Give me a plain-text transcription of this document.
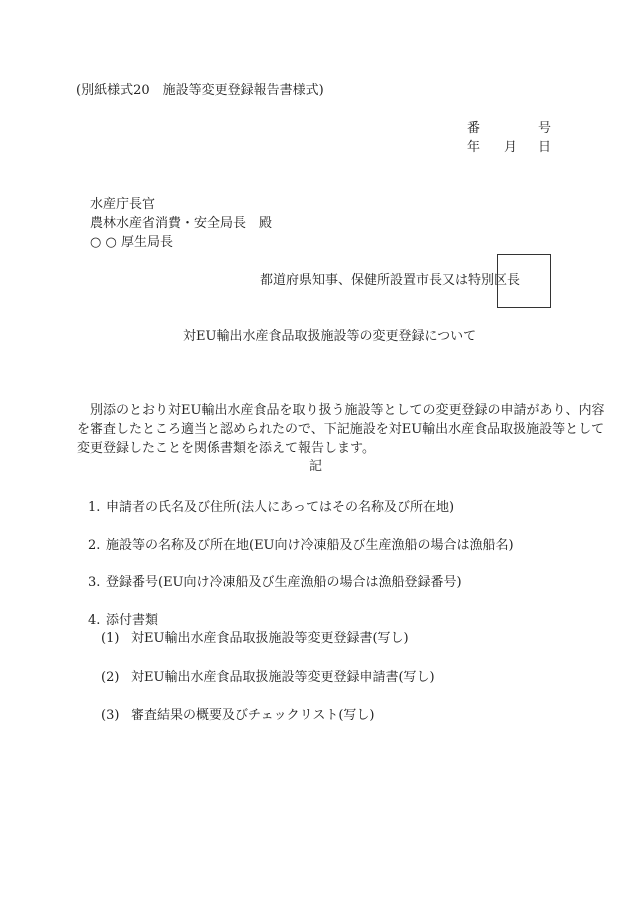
(別紙様式20　施設等変更登録報告書様式)
番	号
年 月 日
水産庁長官
農林水産省消費・安全局長　殿
○ ○ 厚生局長
都道府県知事、保健所設置市長又は特別区長
対EU輸出水産食品取扱施設等の変更登録について
別添のとおり対EU輸出水産食品を取り扱う施設等としての変更登録の申請があり、内容
を審査したところ適当と認められたので、下記施設を対EU輸出水産食品取扱施設等として
変更登録したことを関係書類を添えて報告します。
記
1. 申請者の氏名及び住所(法人にあってはその名称及び所在地)
2. 施設等の名称及び所在地(EU向け冷凍船及び生産漁船の場合は漁船名)
3. 登録番号(EU向け冷凍船及び生産漁船の場合は漁船登録番号)
4. 添付書類
(1) 対EU輸出水産食品取扱施設等変更登録書(写し)
(2) 対EU輸出水産食品取扱施設等変更登録申請書(写し)
(3) 審査結果の概要及びチェックリスト(写し)
